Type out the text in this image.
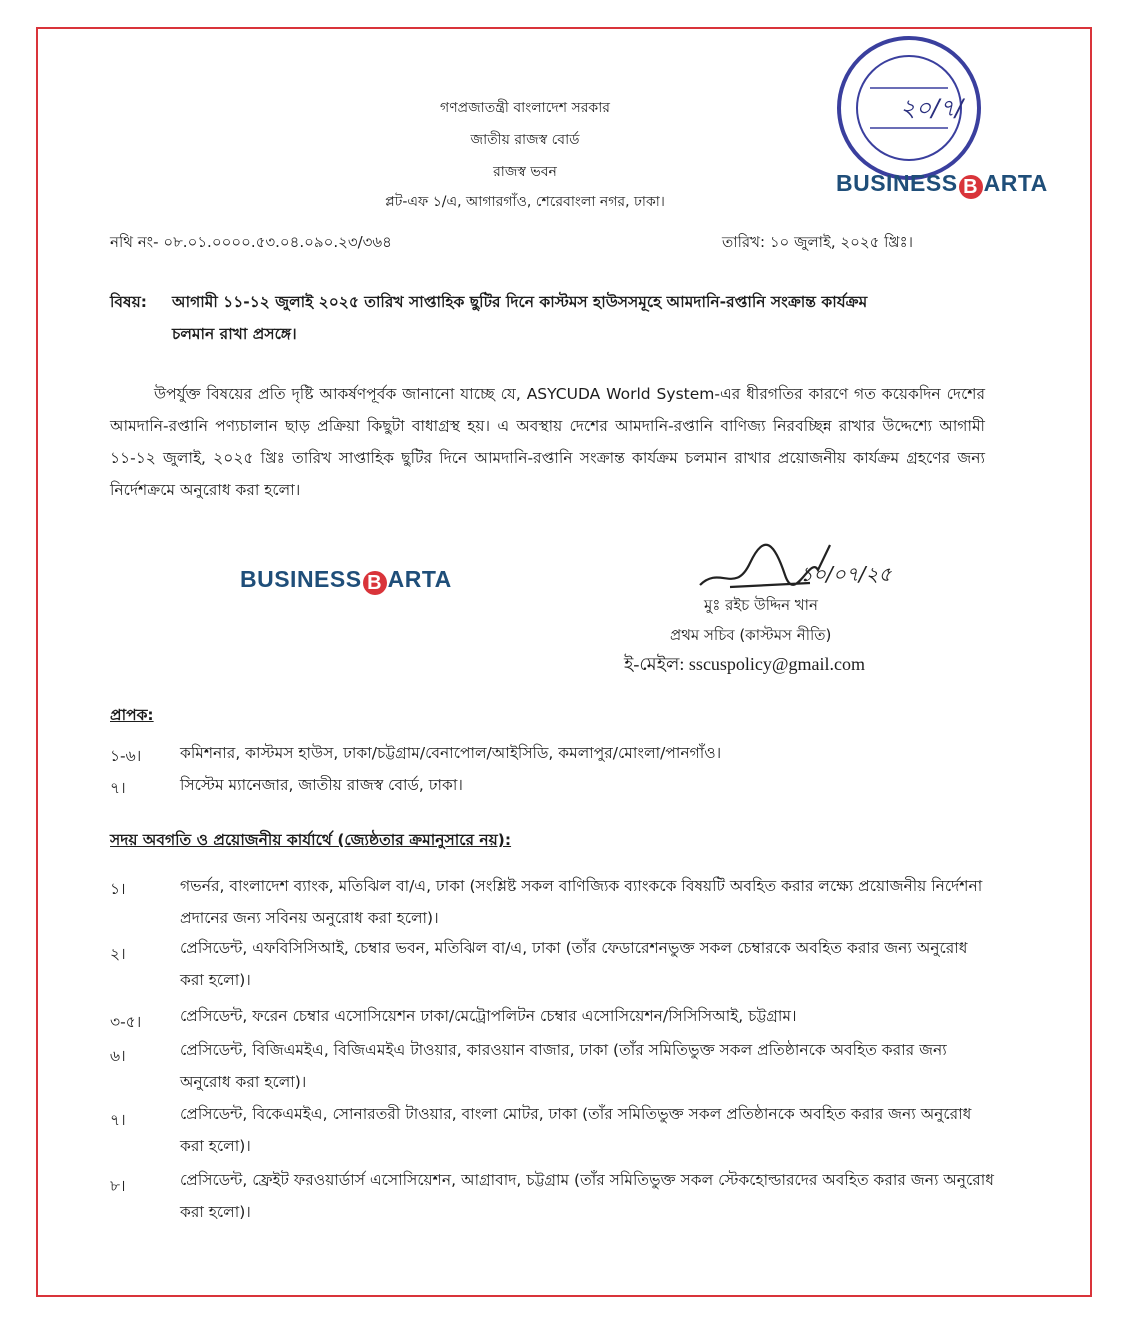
২০/৭/
গণপ্রজাতন্ত্রী বাংলাদেশ সরকার
জাতীয় রাজস্ব বোর্ড
রাজস্ব ভবন
প্লট-এফ ১/এ, আগারগাঁও, শেরেবাংলা নগর, ঢাকা।
BUSINESS B ARTA
নথি নং- ০৮.০১.০০০০.৫৩.০৪.০৯০.২৩/৩৬৪	তারিখ: ১০ জুলাই, ২০২৫ খ্রিঃ।
বিষয়: আগামী ১১-১২ জুলাই ২০২৫ তারিখ সাপ্তাহিক ছুটির দিনে কাস্টমস হাউসসমূহে আমদানি-রপ্তানি সংক্রান্ত কার্যক্রম
চলমান রাখা প্রসঙ্গে।

উপর্যুক্ত বিষয়ের প্রতি দৃষ্টি আকর্ষণপূর্বক জানানো যাচ্ছে যে, ASYCUDA World System-এর ধীরগতির কারণে গত কয়েকদিন দেশের আমদানি-রপ্তানি পণ্যচালান ছাড় প্রক্রিয়া কিছুটা বাধাগ্রস্থ হয়। এ অবস্থায় দেশের আমদানি-রপ্তানি বাণিজ্য নিরবচ্ছিন্ন রাখার উদ্দেশ্যে আগামী ১১-১২ জুলাই, ২০২৫ খ্রিঃ তারিখ সাপ্তাহিক ছুটির দিনে আমদানি-রপ্তানি সংক্রান্ত কার্যক্রম চলমান রাখার প্রয়োজনীয় কার্যক্রম গ্রহণের জন্য নির্দেশক্রমে অনুরোধ করা হলো।

১০/০৭/২৫
মুঃ রইচ উদ্দিন খান
প্রথম সচিব (কাস্টমস নীতি)
ই-মেইল: sscuspolicy@gmail.com
BUSINESS B ARTA
প্রাপক:
১-৬। কমিশনার, কাস্টমস হাউস, ঢাকা/চট্টগ্রাম/বেনাপোল/আইসিডি, কমলাপুর/মোংলা/পানগাঁও।
৭।	সিস্টেম ম্যানেজার, জাতীয় রাজস্ব বোর্ড, ঢাকা।
সদয় অবগতি ও প্রয়োজনীয় কার্যার্থে (জ্যেষ্ঠতার ক্রমানুসারে নয়):
১।	গভর্নর, বাংলাদেশ ব্যাংক, মতিঝিল বা/এ, ঢাকা (সংশ্লিষ্ট সকল বাণিজ্যিক ব্যাংককে বিষয়টি অবহিত করার লক্ষ্যে প্রয়োজনীয় নির্দেশনা প্রদানের জন্য সবিনয় অনুরোধ করা হলো)।
২।	প্রেসিডেন্ট, এফবিসিসিআই, চেম্বার ভবন, মতিঝিল বা/এ, ঢাকা (তাঁর ফেডারেশনভুক্ত সকল চেম্বারকে অবহিত করার জন্য অনুরোধ করা হলো)।
৩-৫। প্রেসিডেন্ট, ফরেন চেম্বার এসোসিয়েশন ঢাকা/মেট্রোপলিটন চেম্বার এসোসিয়েশন/সিসিসিআই, চট্টগ্রাম।
৬।	প্রেসিডেন্ট, বিজিএমইএ, বিজিএমইএ টাওয়ার, কারওয়ান বাজার, ঢাকা (তাঁর সমিতিভুক্ত সকল প্রতিষ্ঠানকে অবহিত করার জন্য অনুরোধ করা হলো)।
৭।	প্রেসিডেন্ট, বিকেএমইএ, সোনারতরী টাওয়ার, বাংলা মোটর, ঢাকা (তাঁর সমিতিভুক্ত সকল প্রতিষ্ঠানকে অবহিত করার জন্য অনুরোধ করা হলো)।
৮।	প্রেসিডেন্ট, ফ্রেইট ফরওয়ার্ডার্স এসোসিয়েশন, আগ্রাবাদ, চট্টগ্রাম (তাঁর সমিতিভুক্ত সকল স্টেকহোল্ডারদের অবহিত করার জন্য অনুরোধ করা হলো)।
